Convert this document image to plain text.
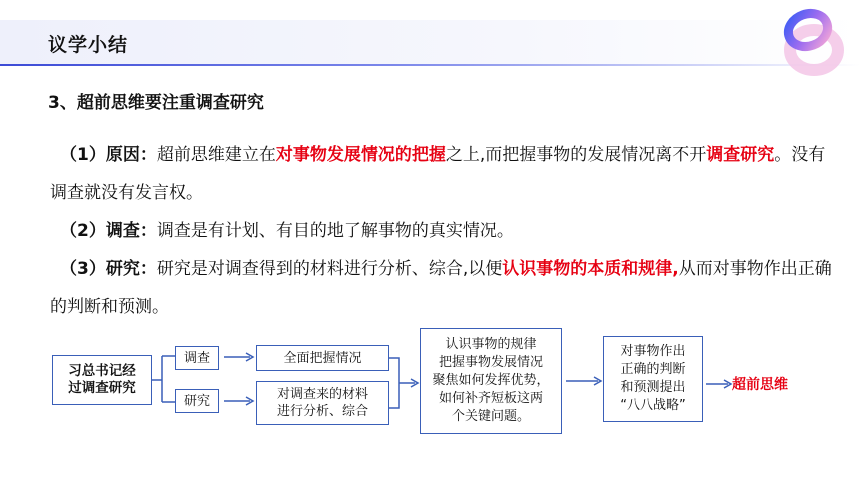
议学小结
3、超前思维要注重调查研究
（1）原因：超前思维建立在对事物发展情况的把握之上,而把握事物的发展情况离不开调查研究。没有调查就没有发言权。
（2）调查：调查是有计划、有目的地了解事物的真实情况。
（3）研究：研究是对调查得到的材料进行分析、综合,以便认识事物的本质和规律,从而对事物作出正确的判断和预测。
习总书记经
过调查研究
调查
研究
全面把握情况
对调查来的材料
进行分析、综合
认识事物的规律
把握事物发展情况
聚焦如何发挥优势，
如何补齐短板这两
个关键问题。
对事物作出
正确的判断
和预测提出
“八八战略”
超前思维
